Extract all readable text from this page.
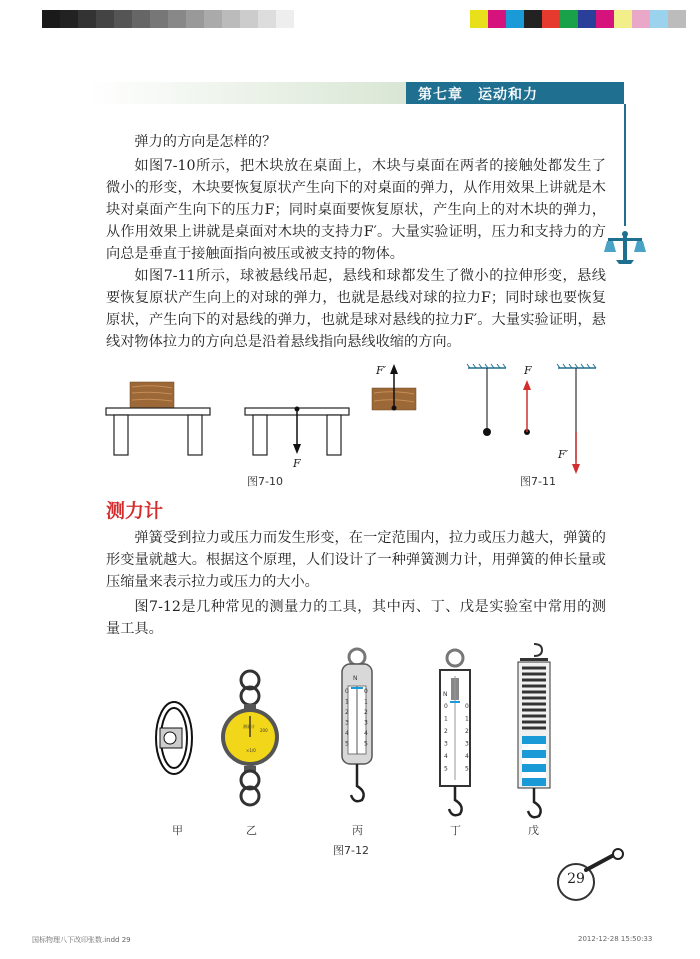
第七章　运动和力

弹力的方向是怎样的？

如图7-10所示，把木块放在桌面上，木块与桌面在两者的接触处都发生了微小的形变，木块要恢复原状产生向下的对桌面的弹力，从作用效果上讲就是木块对桌面产生向下的压力F；同时桌面要恢复原状，产生向上的对木块的弹力，从作用效果上讲就是桌面对木块的支持力F′。大量实验证明，压力和支持力的方向总是垂直于接触面指向被压或被支持的物体。

如图7-11所示，球被悬线吊起，悬线和球都发生了微小的拉伸形变，悬线要恢复原状产生向上的对球的弹力，也就是悬线对球的拉力F；同时球也要恢复原状，产生向下的对悬线的弹力，也就是球对悬线的拉力F′。大量实验证明，悬线对物体拉力的方向总是沿着悬线指向悬线收缩的方向。

F
F′	F
F′
图7-10	图7-11
测力计

弹簧受到拉力或压力而发生形变，在一定范围内，拉力或压力越大，弹簧的形变量就越大。根据这个原理，人们设计了一种弹簧测力计，用弹簧的伸长量或压缩量来表示拉力或压力的大小。

图7-12是几种常见的测量力的工具，其中丙、丁、戊是实验室中常用的测量工具。

测量计
200
×1/0
N
N
0	0
1	1
2	2
3	3
4	4
5	5
0	0
1	1
2	2
3	3
4	4
5	5
甲	乙	丙	丁	戊
图7-12
29
国标物理八下改印张数.indd 29	2012-12-28 15:50:33
